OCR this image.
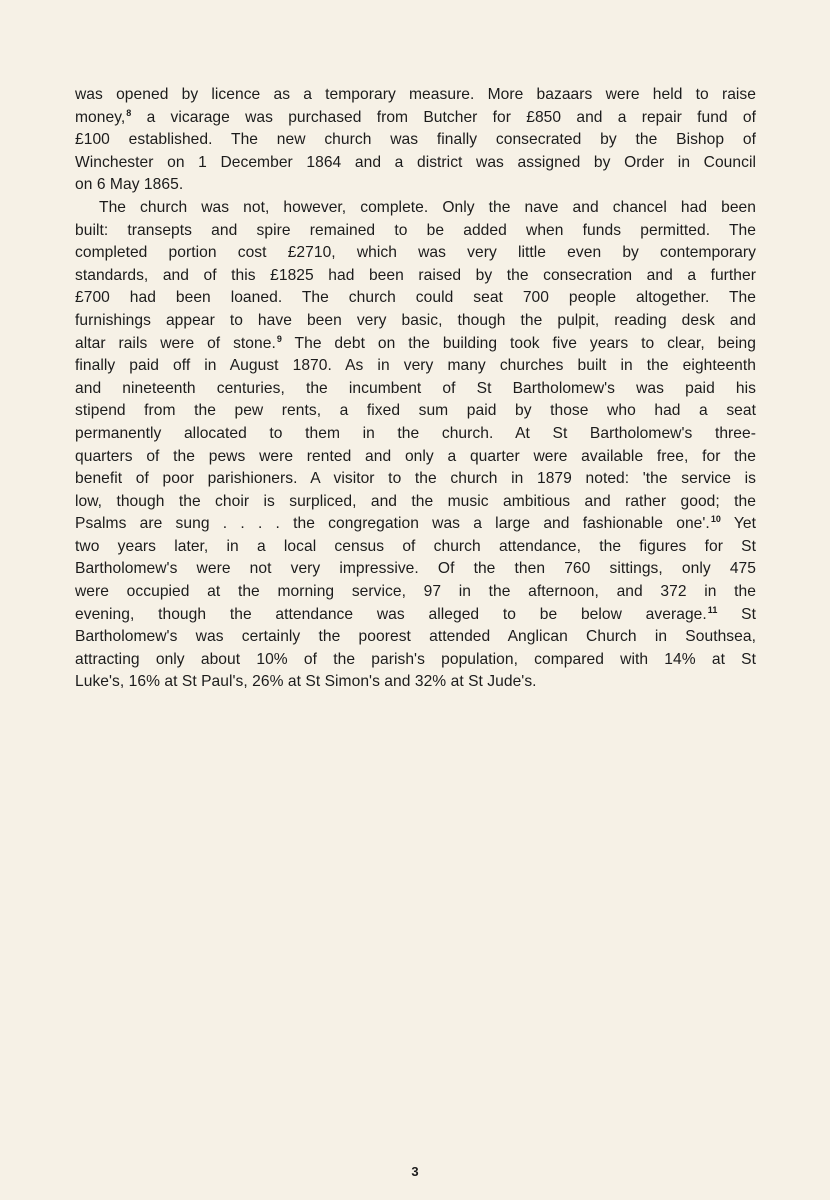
was opened by licence as a temporary measure. More bazaars were held to raise
money,$^8$ a vicarage was purchased from Butcher for £850 and a repair fund of
£100 established. The new church was finally consecrated by the Bishop of
Winchester on 1 December 1864 and a district was assigned by Order in Council
on 6 May 1865.
The church was not, however, complete. Only the nave and chancel had been
built: transepts and spire remained to be added when funds permitted. The
completed portion cost £2710, which was very little even by contemporary
standards, and of this £1825 had been raised by the consecration and a further
£700 had been loaned. The church could seat 700 people altogether. The
furnishings appear to have been very basic, though the pulpit, reading desk and
altar rails were of stone.$^9$ The debt on the building took five years to clear, being
finally paid off in August 1870. As in very many churches built in the eighteenth
and nineteenth centuries, the incumbent of St Bartholomew's was paid his
stipend from the pew rents, a fixed sum paid by those who had a seat
permanently allocated to them in the church. At St Bartholomew's three-
quarters of the pews were rented and only a quarter were available free, for the
benefit of poor parishioners. A visitor to the church in 1879 noted: 'the service is
low, though the choir is surpliced, and the music ambitious and rather good; the
Psalms are sung . . . . the congregation was a large and fashionable one'.$^{10}$ Yet
two years later, in a local census of church attendance, the figures for St
Bartholomew's were not very impressive. Of the then 760 sittings, only 475
were occupied at the morning service, 97 in the afternoon, and 372 in the
evening, though the attendance was alleged to be below average.$^{11}$ St
Bartholomew's was certainly the poorest attended Anglican Church in Southsea,
attracting only about 10% of the parish's population, compared with 14% at St
Luke's, 16% at St Paul's, 26% at St Simon's and 32% at St Jude's.
3
